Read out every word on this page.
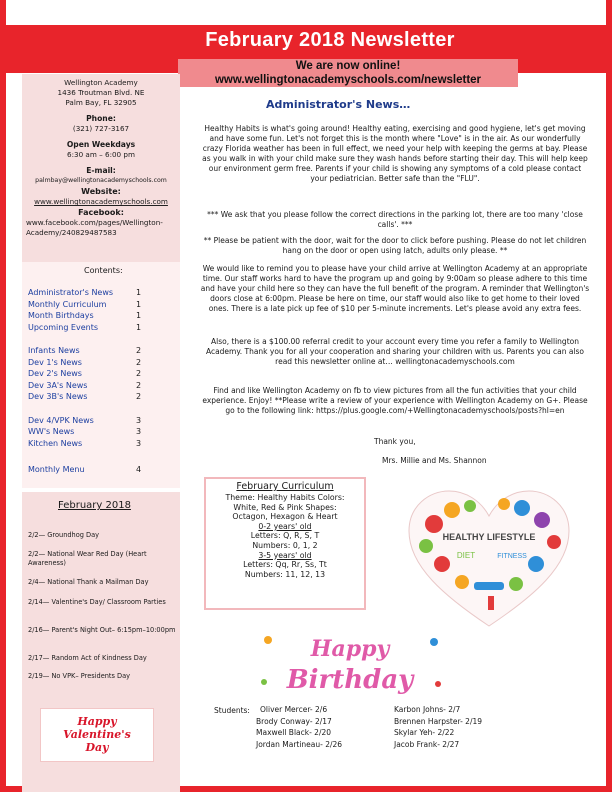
February 2018 Newsletter
We are now online! www.wellingtonacademyschools.com/newsletter
Wellington Academy
1436 Troutman Blvd. NE
Palm Bay, FL 32905
Phone:
(321) 727-3167
Open Weekdays
6:30 am – 6:00 pm
E-mail:
palmbay@wellingtonacademyschools.com
Website:
www.wellingtonacademyschools.com
Facebook:
www.facebook.com/pages/Wellington-Academy/240829487583
Contents:
Administrator's News	1
Monthly Curriculum	1
Month Birthdays	1
Upcoming Events	1
Infants News	2
Dev 1's News	2
Dev 2's News	2
Dev 3A's News	2
Dev 3B's News	2
Dev 4/VPK News	3
WW's News	3
Kitchen News	3
Monthly Menu	4
February 2018
2/2— Groundhog Day
2/2— National Wear Red Day (Heart Awareness)
2/4— National Thank a Mailman Day
2/14— Valentine's Day/ Classroom Parties
2/16— Parent's Night Out– 6:15pm–10:00pm
2/17— Random Act of Kindness Day
2/19— No VPK– Presidents Day
Happy
Valentine's
Day
Administrator's News…
Healthy Habits is what's going around! Healthy eating, exercising and good hygiene, let's get moving and have some fun. Let's not forget this is the month where "Love" is in the air. As our wonderfully crazy Florida weather has been in full effect, we need your help with keeping the germs at bay. Please as you walk in with your child make sure they wash hands before starting their day. This will help keep our environment germ free. Parents if your child is showing any symptoms of a cold please contact your pediatrician. Better safe than the "FLU".
*** We ask that you please follow the correct directions in the parking lot, there are too many 'close calls'. ***
** Please be patient with the door, wait for the door to click before pushing. Please do not let children hang on the door or open using latch, adults only please. **
We would like to remind you to please have your child arrive at Wellington Academy at an appropriate time. Our staff works hard to have the program up and going by 9:00am so please adhere to this time and have your child here so they can have the full benefit of the program. A reminder that Wellington's doors close at 6:00pm. Please be here on time, our staff would also like to get home to their loved ones. There is a late pick up fee of $10 per 5-minute increments. Let's please avoid any extra fees.
Also, there is a $100.00 referral credit to your account every time you refer a family to Wellington Academy. Thank you for all your cooperation and sharing your children with us. Parents you can also read this newsletter online at… wellingtonacademyschools.com
Find and like Wellington Academy on fb to view pictures from all the fun activities that your child experience. Enjoy! **Please write a review of your experience with Wellington Academy on G+. Please go to the following link: https://plus.google.com/+Wellingtonacademyschools/posts?hl=en
Thank you,
Mrs. Millie and Ms. Shannon
February Curriculum
Theme: Healthy Habits Colors:
White, Red & Pink Shapes:
Octagon, Hexagon & Heart
0-2 years' old
Letters: Q, R, S, T
Numbers: 0, 1, 2
3-5 years' old
Letters: Qq, Rr, Ss, Tt
Numbers: 11, 12, 13
HEALTHY LIFESTYLE
DIET	FITNESS
Happy
Birthday
Students:	Oliver Mercer- 2/6
Brody Conway- 2/17
Maxwell Black- 2/20
Jordan Martineau- 2/26
Karbon Johns- 2/7
Brennen Harpster- 2/19
Skylar Yeh- 2/22
Jacob Frank- 2/27
